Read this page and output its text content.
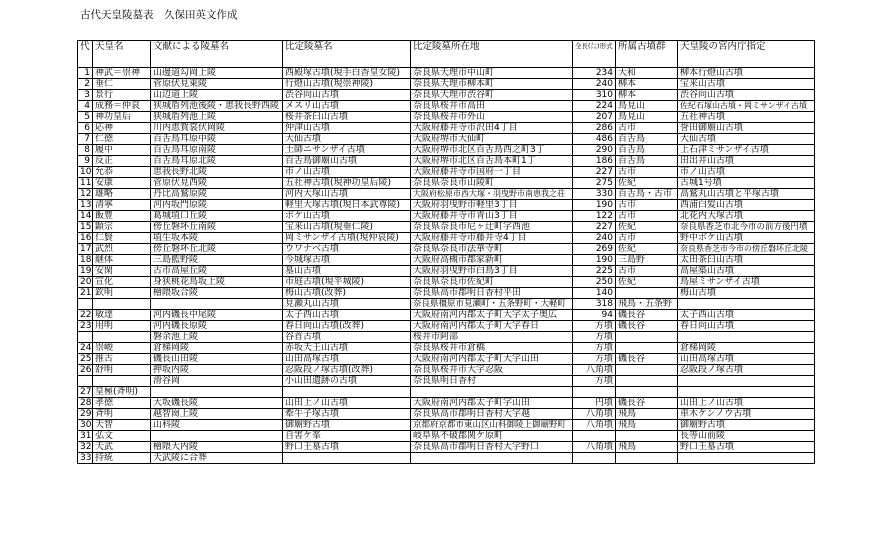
古代天皇陵墓表　久保田英文作成
代	天皇名	文献による陵墓名	比定陵墓名	比定陵墓所在地	全長(㍍)形式	所属古墳群	天皇陵の宮内庁指定
1	神武＝崇神	山邊道勾岡上陵	西殿塚古墳(現手白香皇女陵)	奈良県天理市中山町	234	大和	柳本行燈山古墳
2	垂仁	菅原伏見東陵	行燈山古墳(現崇神陵)	奈良県天理市柳本町	240	柳本	宝来山古墳
3	景行	山辺道上陵	渋谷向山古墳	奈良県天理市渋谷町	310	柳本	渋谷向山古墳
4	成務＝仲哀	狭城盾列池後陵・恵我長野西陵	メスリ山古墳	奈良県桜井市高田	224	鳥見山	佐紀石塚山古墳・岡ミサンザイ古墳
5	神功皇后	狭城盾列池上陵	桜井茶臼山古墳	奈良県桜井市外山	207	鳥見山	五社神古墳
6	応神	川内恵賀裳伏岡陵	仲津山古墳	大阪府藤井寺市沢田4丁目	286	古市	誉田御廟山古墳
7	仁徳	百舌鳥耳原中陵	大仙古墳	大阪府堺市大仙町	486	百舌鳥	大仙古墳
8	履中	百舌鳥耳原南陵	土師ニサンザイ古墳	大阪府堺市北区百舌鳥西之町3丁	290	百舌鳥	上石津ミサンザイ古墳
9	反正	百舌鳥耳原北陵	百舌鳥御廟山古墳	大阪府堺市北区百舌鳥本町1丁	186	百舌鳥	田出井山古墳
10	允恭	恵我長野北陵	市ノ山古墳	大阪府藤井寺市国府一丁目	227	古市	市ノ山古墳
11	安康	菅原伏見西陵	五社神古墳(現神功皇后陵)	奈良県奈良市山陵町	275	佐紀	古城1号墳
12	雄略	丹比高鷲原陵	河内大塚山古墳	大阪府松原市西大塚・羽曳野市南恵我之荘	330	百舌鳥・古市	高鷲丸山古墳と平塚古墳
13	清寧	河内坂門原陵	軽里大塚古墳(現日本武尊陵)	大阪府羽曳野市軽里3丁目	190	古市	西浦白髪山古墳
14	飯豊	葛城埴口丘陵	ボケ山古墳	大阪府藤井寺市青山3丁目	122	古市	北花内大塚古墳
15	顕宗	傍丘磐坏丘南陵	宝来山古墳(現垂仁陵)	奈良県奈良市尼ヶ辻町字西池	227	佐紀	奈良県香芝市北今市の前方後円墳
16	仁賢	埴生坂本陵	岡ミサンザイ古墳(現仲哀陵)	大阪府藤井寺市藤井寺4丁目	240	古市	野中ボケ山古墳
17	武烈	傍丘磐坏丘北陵	ウワナベ古墳	奈良県奈良市法華寺町	269	佐紀	奈良県香芝市今市の傍丘磐坏丘北陵
18	継体	三島藍野陵	今城塚古墳	大阪府高槻市郡家新町	190	三島野	太田茶臼山古墳
19	安閑	古市高屋丘陵	墓山古墳	大阪府羽曳野市白鳥3丁目	225	古市	高屋築山古墳
20	宣化	身狭桃花鳥坂上陵	市庭古墳(現平城陵)	奈良県奈良市佐紀町	250	佐紀	鳥屋ミサンザイ古墳
21	欽明	檜隈坂合陵	梅山古墳(改葬)	奈良県高市郡明日香村平田	140		梅山古墳
			見瀬丸山古墳	奈良県橿原市見瀬町・五条野町・大軽町	318	飛鳥・五条野	
22	敏達	河内磯長中尾陵	太子西山古墳	大阪府南河内郡太子町大字太子奥広	94	磯長谷	太子西山古墳
23	用明	河内磯長原陵	春日向山古墳(改葬)	大阪府南河内郡太子町大字春日	方墳	磯長谷	春日向山古墳
		磐余池上陵	谷首古墳	桜井市阿部	方墳		
24	崇峻	倉梯岡陵	赤坂天王山古墳	奈良県桜井市倉橋	方墳		倉梯岡陵
25	推古	磯長山田陵	山田高塚古墳	大阪府南河内郡太子町大字山田	方墳	磯長谷	山田高塚古墳
26	舒明	押坂内陵	忍阪段ノ塚古墳(改葬)	奈良県桜井市大字忍阪	八角墳		忍阪段ノ塚古墳
		滑谷岡	小山田遺跡の古墳	奈良県明日香村	方墳		
27	皇極(斉明)						
28	孝徳	大坂磯長陵	山田上ノ山古墳	大阪府南河内郡太子町字山田	円墳	磯長谷	山田上ノ山古墳
29	斉明	越智崗上陵	牽牛子塚古墳	奈良県高市郡明日香村大字越	八角墳	飛鳥	車木ケンノウ古墳
30	天智	山科陵	御廟野古墳	京都府京都市東山区山科御陵上御廟野町	八角墳	飛鳥	御廟野古墳
31	弘文		自害ケ峯	岐阜県不破郡関ケ原町			長等山前陵
32	天武	檜隈大内陵	野口王墓古墳	奈良県高市郡明日香村大字野口	八角墳	飛鳥	野口王墓古墳
33	持統	天武陵に合葬					
